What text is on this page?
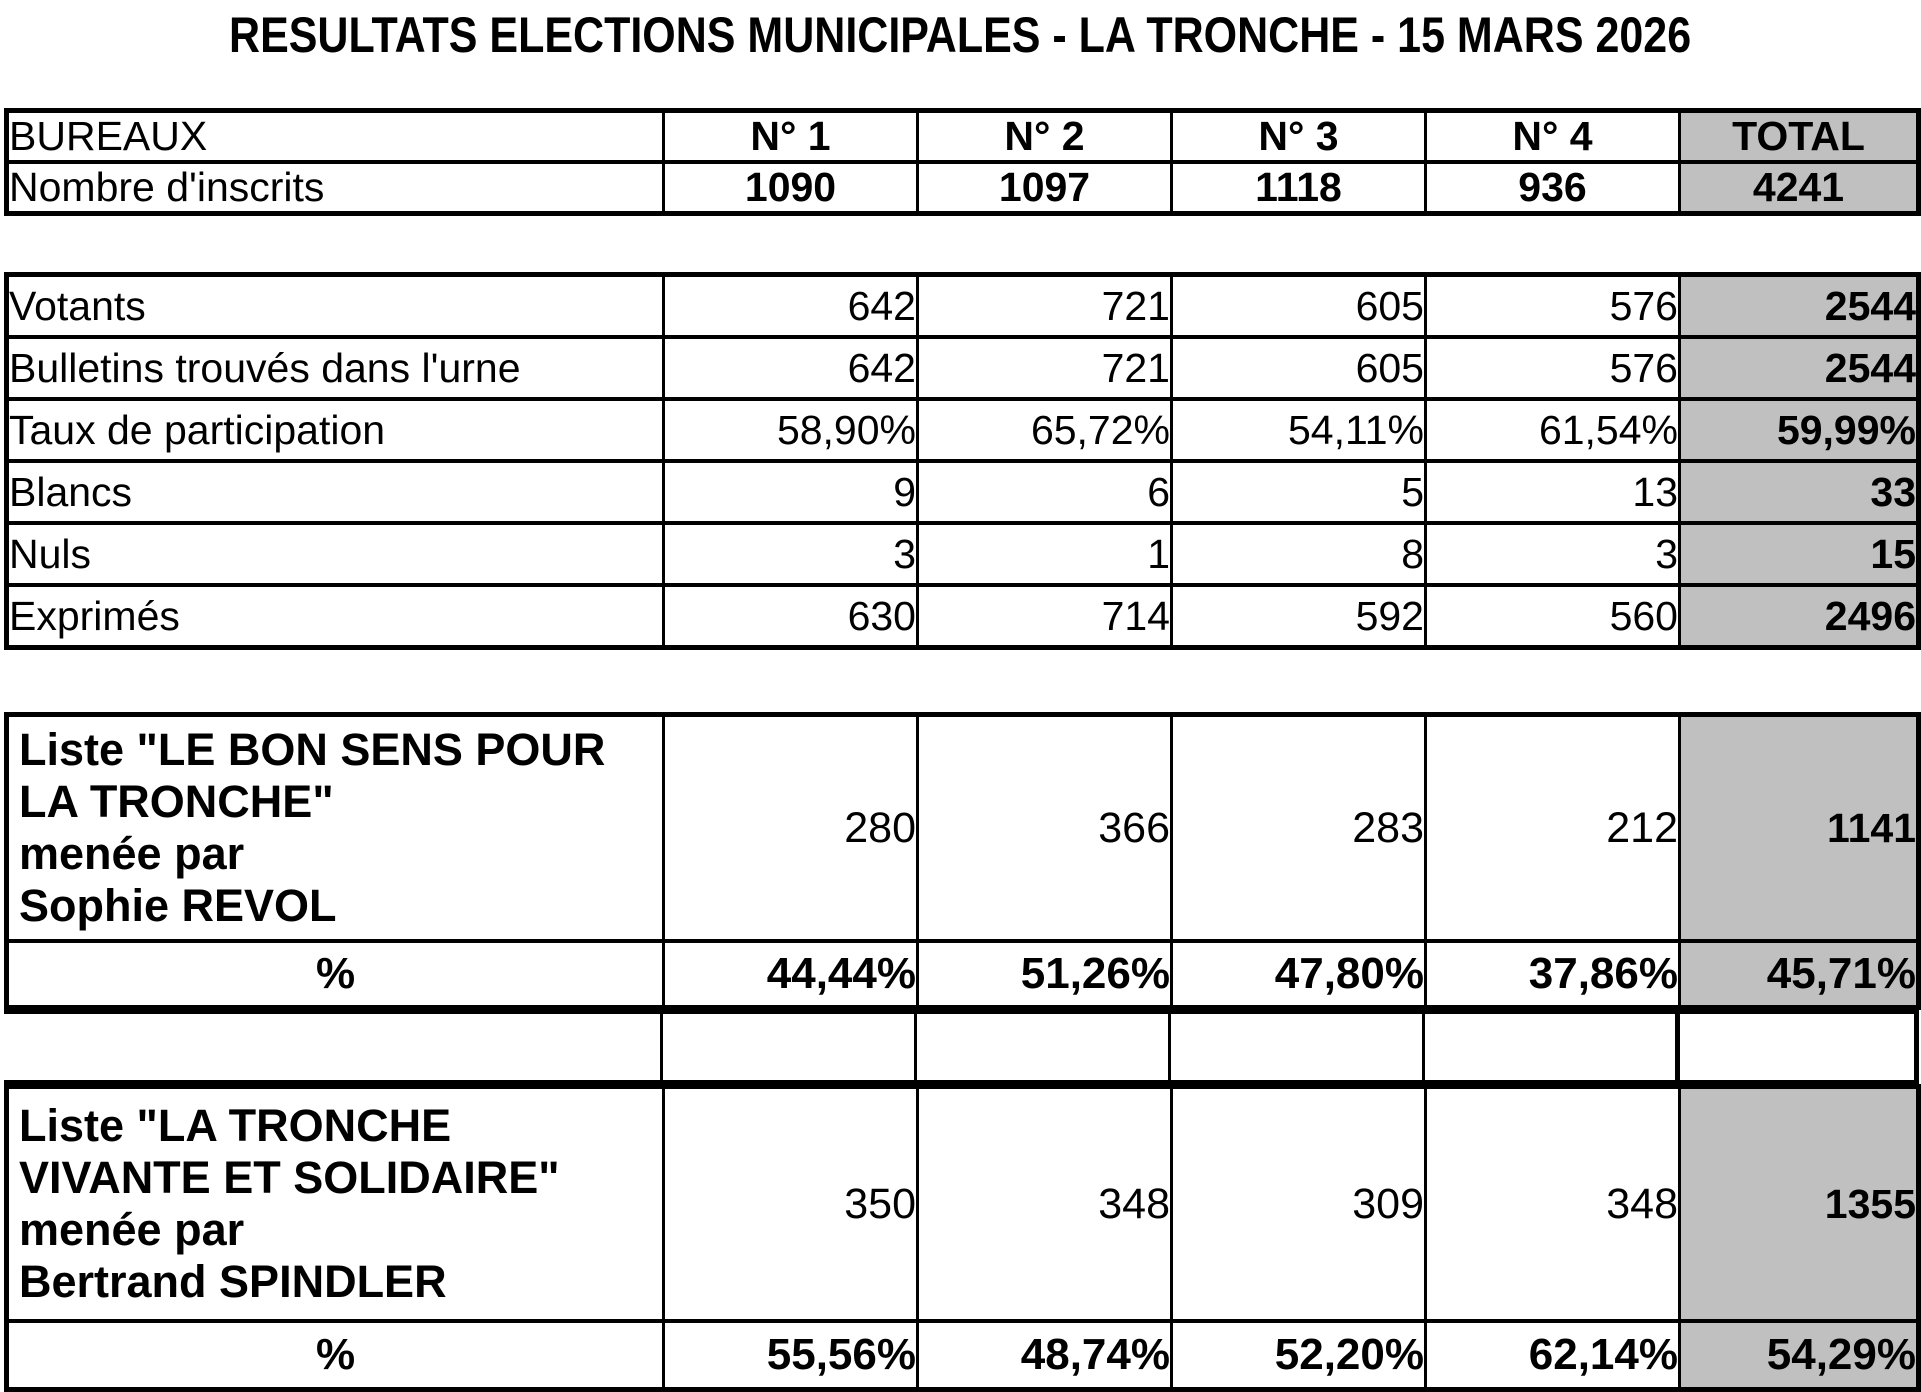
RESULTATS ELECTIONS MUNICIPALES - LA TRONCHE - 15 MARS 2026
BUREAUX	N° 1	N° 2	N° 3	N° 4	TOTAL
Nombre d'inscrits	1090	1097	1118	936	4241
Votants	642	721	605	576	2544
Bulletins trouvés dans l'urne	642	721	605	576	2544
Taux de participation	58,90%	65,72%	54,11%	61,54%	59,99%
Blancs	9	6	5	13	33
Nuls	3	1	8	3	15
Exprimés	630	714	592	560	2496
Liste "LE BON SENS POUR
LA TRONCHE"
menée par
Sophie REVOL	280	366	283	212	1141
%	44,44%	51,26%	47,80%	37,86%	45,71%

Liste "LA TRONCHE
VIVANTE ET SOLIDAIRE"
menée par
Bertrand SPINDLER	350	348	309	348	1355
%	55,56%	48,74%	52,20%	62,14%	54,29%
